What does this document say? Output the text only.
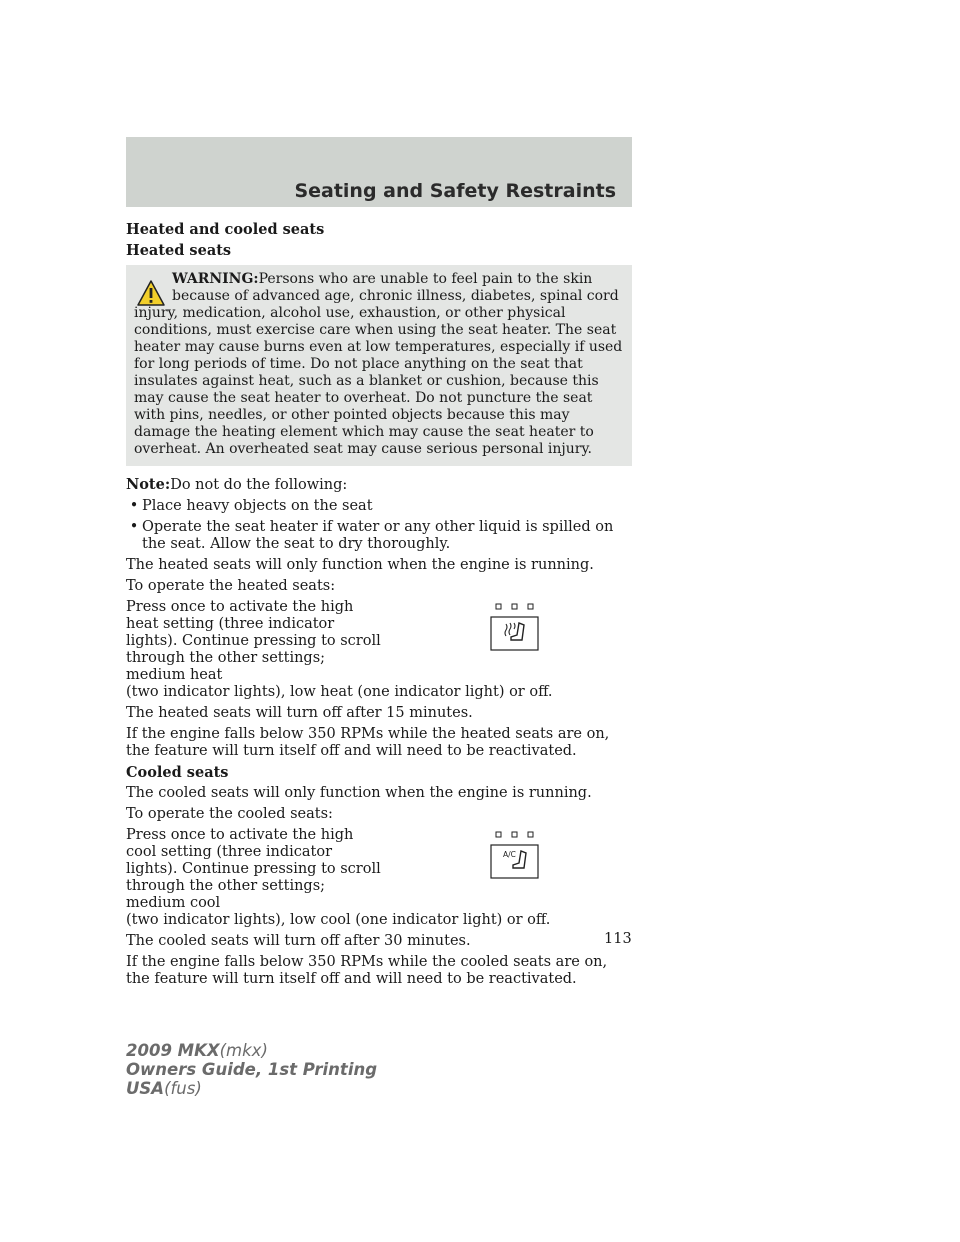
Seating and Safety Restraints
Heated and cooled seats
Heated seats
WARNING:Persons who are unable to feel pain to the skin because of advanced age, chronic illness, diabetes, spinal cord
injury, medication, alcohol use, exhaustion, or other physical conditions, must exercise care when using the seat heater. The seat heater may cause burns even at low temperatures, especially if used for long periods of time. Do not place anything on the seat that insulates against heat, such as a blanket or cushion, because this may cause the seat heater to overheat. Do not puncture the seat with pins, needles, or other pointed objects because this may damage the heating element which may cause the seat heater to overheat. An overheated seat may cause serious personal injury.

Note:Do not do the following:

• Place heavy objects on the seat
• Operate the seat heater if water or any other liquid is spilled on the seat. Allow the seat to dry thoroughly.

The heated seats will only function when the engine is running.

To operate the heated seats:

Press once to activate the high heat setting (three indicator lights). Continue pressing to scroll through the other settings; medium heat

(two indicator lights), low heat (one indicator light) or off.

The heated seats will turn off after 15 minutes.

If the engine falls below 350 RPMs while the heated seats are on, the feature will turn itself off and will need to be reactivated.

Cooled seats

The cooled seats will only function when the engine is running.

To operate the cooled seats:

Press once to activate the high cool setting (three indicator lights). Continue pressing to scroll through the other settings; medium cool
A/C

(two indicator lights), low cool (one indicator light) or off.

The cooled seats will turn off after 30 minutes.

If the engine falls below 350 RPMs while the cooled seats are on, the feature will turn itself off and will need to be reactivated.

113
2009 MKX(mkx)
Owners Guide, 1st Printing
USA(fus)
